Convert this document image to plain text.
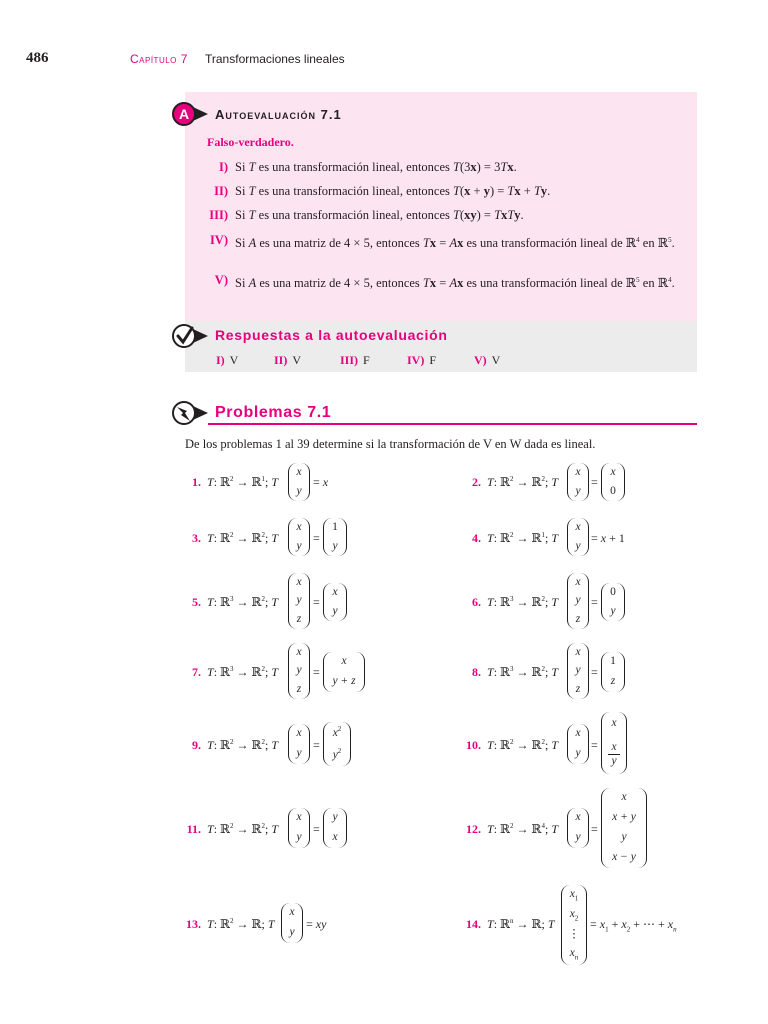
486	Capítulo 7 Transformaciones lineales
A Autoevaluación 7.1
Falso-verdadero.
I) Si T es una transformación lineal, entonces T(3x) = 3Tx.
II) Si T es una transformación lineal, entonces T(x + y) = Tx + Ty.
III) Si T es una transformación lineal, entonces T(xy) = TxTy.
IV) Si A es una matriz de 4 × 5, entonces Tx = Ax es una transformación lineal de ℝ$^4$ en ℝ$^5$.
V) Si A es una matriz de 4 × 5, entonces Tx = Ax es una transformación lineal de ℝ$^5$ en ℝ$^4$.
Respuestas a la autoevaluación
I) V	II) V	III) F	IV) F	V) V
Problemas 7.1
De los problemas 1 al 39 determine si la transformación de V en W dada es lineal.
1. T: ℝ$^2$ → ℝ$^1$; T
x
y
= x	2. T: ℝ$^2$ → ℝ$^2$; T
x
y
=
x
0
3. T: ℝ$^2$ → ℝ$^2$; T
x
y
=
1
y
4. T: ℝ$^2$ → ℝ$^1$; T
x
y
= x + 1
5. T: ℝ$^3$ → ℝ$^2$; T
x
y
z
=
x
y
6. T: ℝ$^3$ → ℝ$^2$; T
x
y
z
=
0
y
7. T: ℝ$^3$ → ℝ$^2$; T
x
y
z
=
x
y + z
8. T: ℝ$^3$ → ℝ$^2$; T
x
y
z
=
1
z
9. T: ℝ$^2$ → ℝ$^2$; T
x
y
=
$x^2$
$y^2$	10. T: ℝ$^2$ → ℝ$^2$; T
x
y
=
x
$\frac{x}{y}$
11. T: ℝ$^2$ → ℝ$^2$; T
x
y
=
y
x
12. T: ℝ$^2$ → ℝ$^4$; T
x
y
=
x
x + y
y
x − y
13. T: ℝ$^2$ → ℝ; T
x
y
= xy	14. T: ℝ$^n$ → ℝ; T
$x_1$
$x_2$
⋮
$x_n$
= $x_1 + x_2$ + ⋯ + $x_n$
